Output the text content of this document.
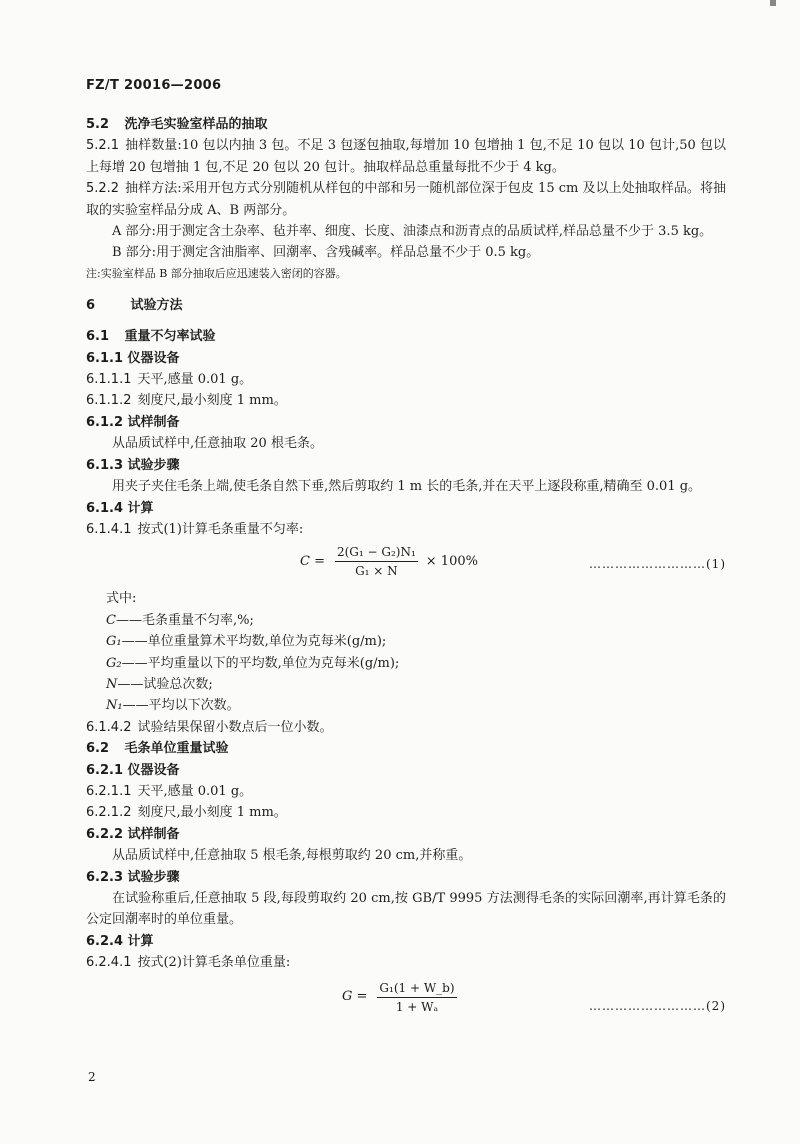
FZ/T 20016—2006
5.2 洗净毛实验室样品的抽取
5.2.1 抽样数量:10 包以内抽 3 包。不足 3 包逐包抽取,每增加 10 包增抽 1 包,不足 10 包以 10 包计,50 包以上每增 20 包增抽 1 包,不足 20 包以 20 包计。抽取样品总重量每批不少于 4 kg。
5.2.2 抽样方法:采用开包方式分别随机从样包的中部和另一随机部位深于包皮 15 cm 及以上处抽取样品。将抽取的实验室样品分成 A、B 两部分。
A 部分:用于测定含土杂率、毡并率、细度、长度、油漆点和沥青点的品质试样,样品总量不少于 3.5 kg。
B 部分:用于测定含油脂率、回潮率、含残碱率。样品总量不少于 0.5 kg。
注:实验室样品 B 部分抽取后应迅速装入密闭的容器。
6	试验方法
6.1 重量不匀率试验
6.1.1 仪器设备
6.1.1.1 天平,感量 0.01 g。
6.1.1.2 刻度尺,最小刻度 1 mm。
6.1.2 试样制备
从品质试样中,任意抽取 20 根毛条。
6.1.3 试验步骤
用夹子夹住毛条上端,使毛条自然下垂,然后剪取约 1 m 长的毛条,并在天平上逐段称重,精确至 0.01 g。
6.1.4 计算
6.1.4.1 按式(1)计算毛条重量不匀率:
$C = \frac{\text{2(G₁ − G₂)N₁}}{\text{G₁ × N}} \times 100\%$	………………………(1)
式中:
C——毛条重量不匀率,%;
G₁——单位重量算术平均数,单位为克每米(g/m);
G₂——平均重量以下的平均数,单位为克每米(g/m);
N——试验总次数;
N₁——平均以下次数。
6.1.4.2 试验结果保留小数点后一位小数。
6.2 毛条单位重量试验
6.2.1 仪器设备
6.2.1.1 天平,感量 0.01 g。
6.2.1.2 刻度尺,最小刻度 1 mm。
6.2.2 试样制备
从品质试样中,任意抽取 5 根毛条,每根剪取约 20 cm,并称重。
6.2.3 试验步骤
在试验称重后,任意抽取 5 段,每段剪取约 20 cm,按 GB/T 9995 方法测得毛条的实际回潮率,再计算毛条的公定回潮率时的单位重量。
6.2.4 计算
6.2.4.1 按式(2)计算毛条单位重量:
$G = \frac{\text{G₁(1 + W\_b)}}{\text{1 + Wₐ}}$	………………………(2)
2
